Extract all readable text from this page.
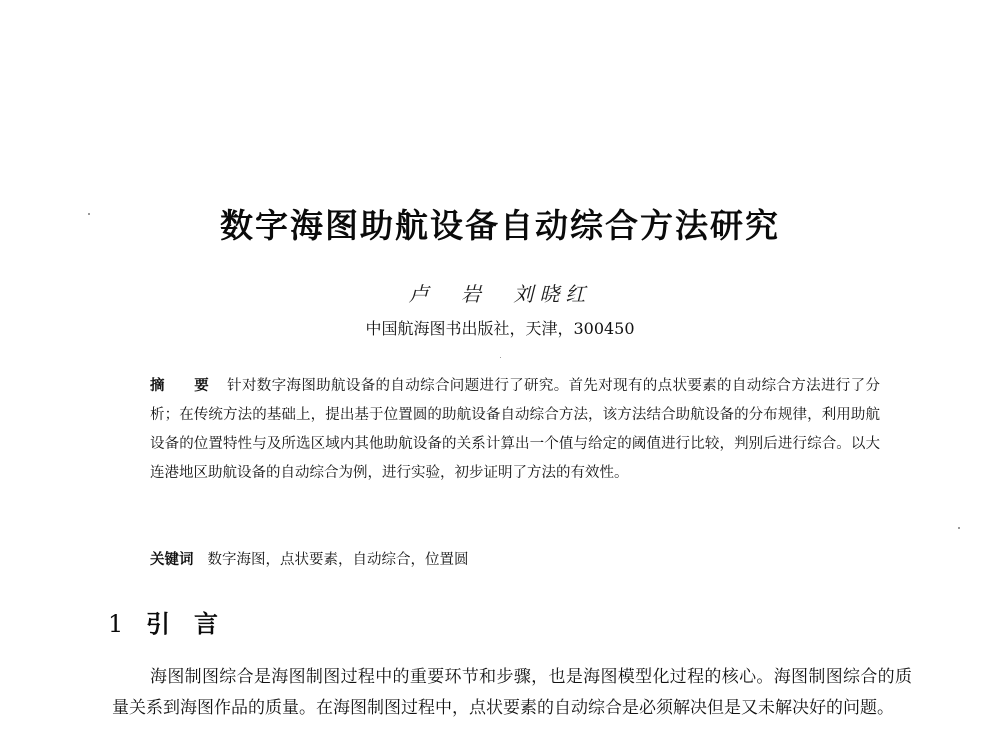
数字海图助航设备自动综合方法研究
卢 岩 刘晓红
中国航海图书出版社，天津，300450
摘 要 针对数字海图助航设备的自动综合问题进行了研究。首先对现有的点状要素的自动综合方法进行了分析；在传统方法的基础上，提出基于位置圆的助航设备自动综合方法，该方法结合助航设备的分布规律，利用助航设备的位置特性与及所选区域内其他助航设备的关系计算出一个值与给定的阈值进行比较，判别后进行综合。以大连港地区助航设备的自动综合为例，进行实验，初步证明了方法的有效性。
关键词 数字海图，点状要素，自动综合，位置圆
1 引言
海图制图综合是海图制图过程中的重要环节和步骤，也是海图模型化过程的核心。海图制图综合的质量关系到海图作品的质量。在海图制图过程中，点状要素的自动综合是必须解决但是又未解决好的问题。
